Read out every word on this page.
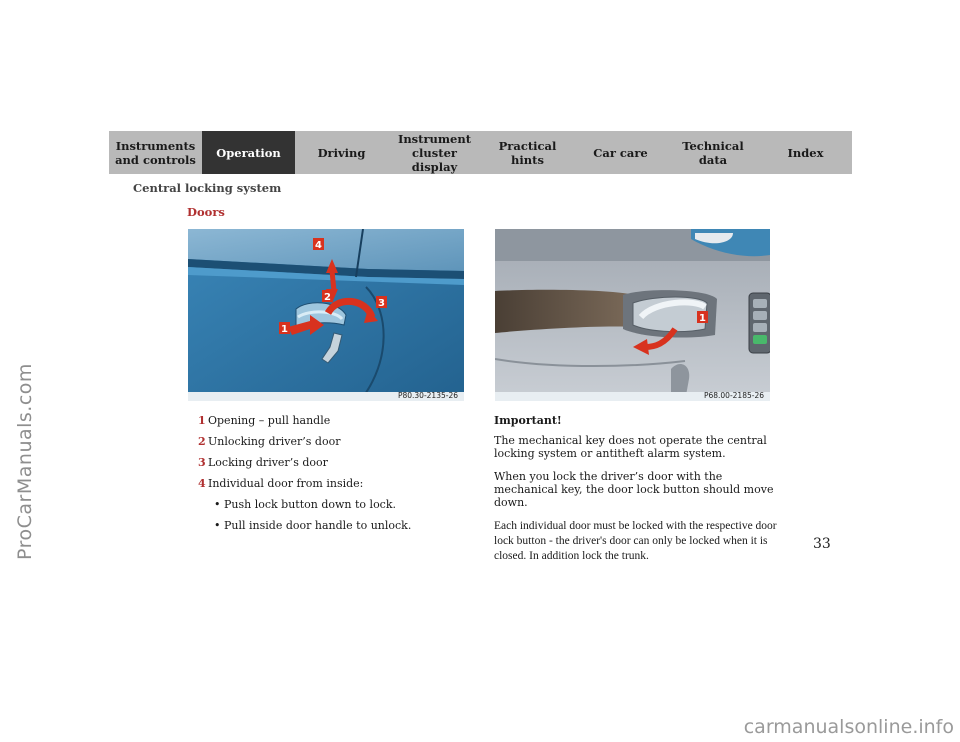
ProCarManuals.com
carmanualsonline.info
Instruments
and controls	Operation	Driving
Instrument
cluster display
Practical hints	Car care	Technical
data	Index
Central locking system
Doors
1
2
3
4
P80.30-2135-26
1
P68.00-2185-26
1 Opening – pull handle
2 Unlocking driver’s door
3 Locking driver’s door
4 Individual door from inside:
• Push lock button down to lock.
• Pull inside door handle to unlock.
Important!

The mechanical key does not operate the central locking system or antitheft alarm system.

When you lock the driver’s door with the mechanical key, the door lock button should move down.

Each individual door must be locked with the respective door lock button - the driver's door can only be locked when it is closed. In addition lock the trunk.

33
